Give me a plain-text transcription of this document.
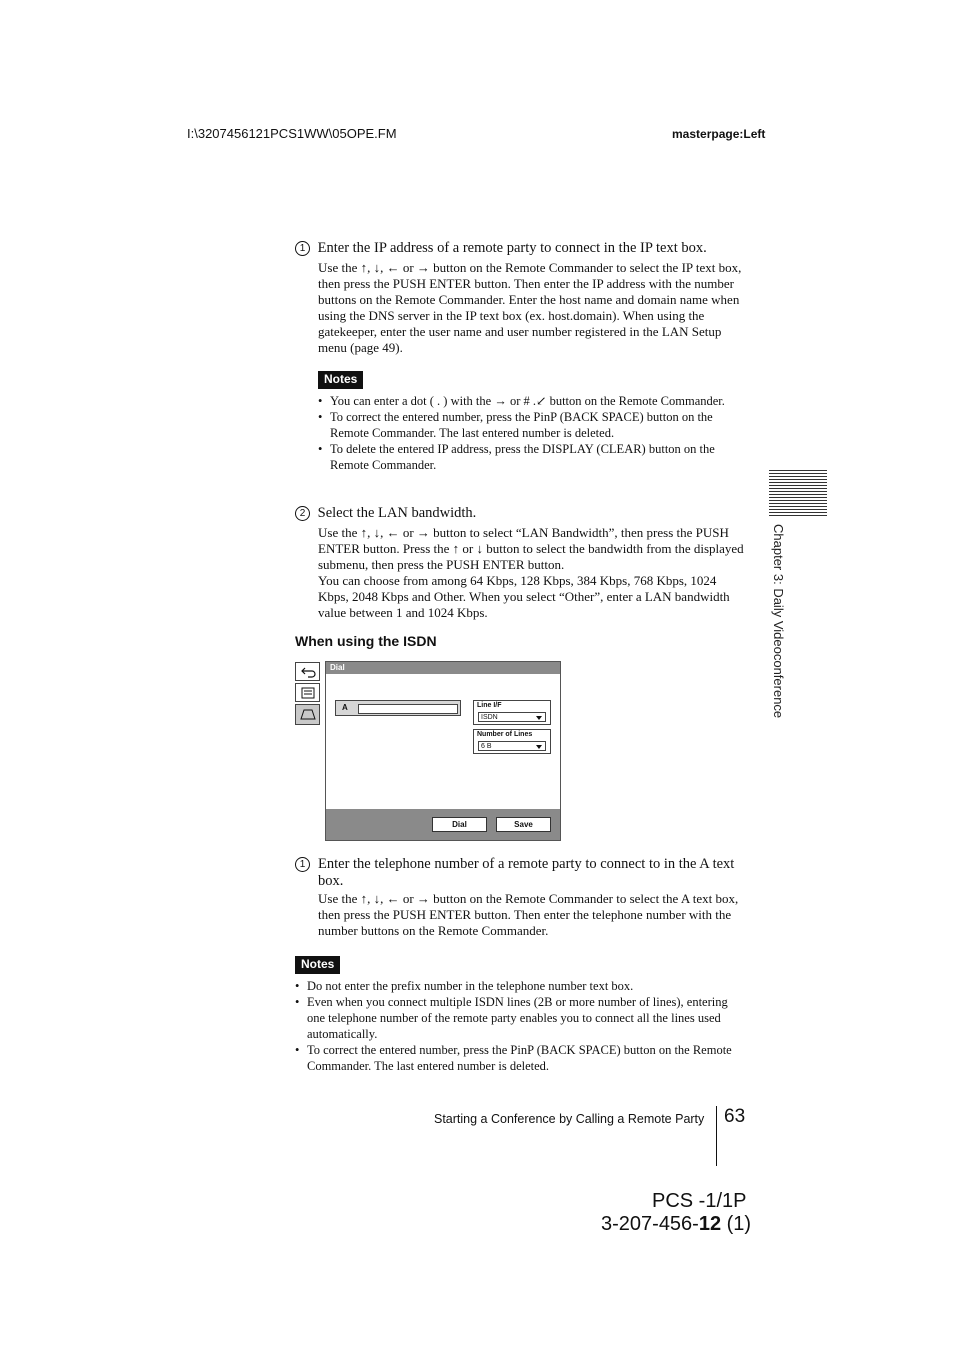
I:\3207456121PCS1WW\05OPE.FM	masterpage:Left
Chapter 3: Daily Videoconference
1 Enter the IP address of a remote party to connect in the IP text box.
Use the ↑, ↓, ← or → button on the Remote Commander to select the IP text box, then press the PUSH ENTER button. Then enter the IP address with the number buttons on the Remote Commander. Enter the host name and domain name when using the DNS server in the IP text box (ex. host.domain). When using the gatekeeper, enter the user name and user number registered in the LAN Setup menu (page 49).
Notes
• You can enter a dot ( . ) with the → or # .↙ button on the Remote Commander.
• To correct the entered number, press the PinP (BACK SPACE) button on the Remote Commander. The last entered number is deleted.
• To delete the entered IP address, press the DISPLAY (CLEAR) button on the Remote Commander.
2 Select the LAN bandwidth.
Use the ↑, ↓, ← or → button to select “LAN Bandwidth”, then press the PUSH ENTER button. Press the ↑ or ↓ button to select the bandwidth from the displayed submenu, then press the PUSH ENTER button.
You can choose from among 64 Kbps, 128 Kbps, 384 Kbps, 768 Kbps, 1024 Kbps, 2048 Kbps and Other. When you select “Other”, enter a LAN bandwidth value between 1 and 1024 Kbps.
When using the ISDN
Dial
A	Line I/F
ISDN
Number of Lines
6 B
Dial	Save
1 Enter the telephone number of a remote party to connect to in the A text box.
Use the ↑, ↓, ← or → button on the Remote Commander to select the A text box, then press the PUSH ENTER button. Then enter the telephone number with the number buttons on the Remote Commander.
Notes
• Do not enter the prefix number in the telephone number text box.
• Even when you connect multiple ISDN lines (2B or more number of lines), entering one telephone number of the remote party enables you to connect all the lines used automatically.
• To correct the entered number, press the PinP (BACK SPACE) button on the Remote Commander. The last entered number is deleted.
Starting a Conference by Calling a Remote Party 63
PCS -1/1P
3-207-456-12 (1)
